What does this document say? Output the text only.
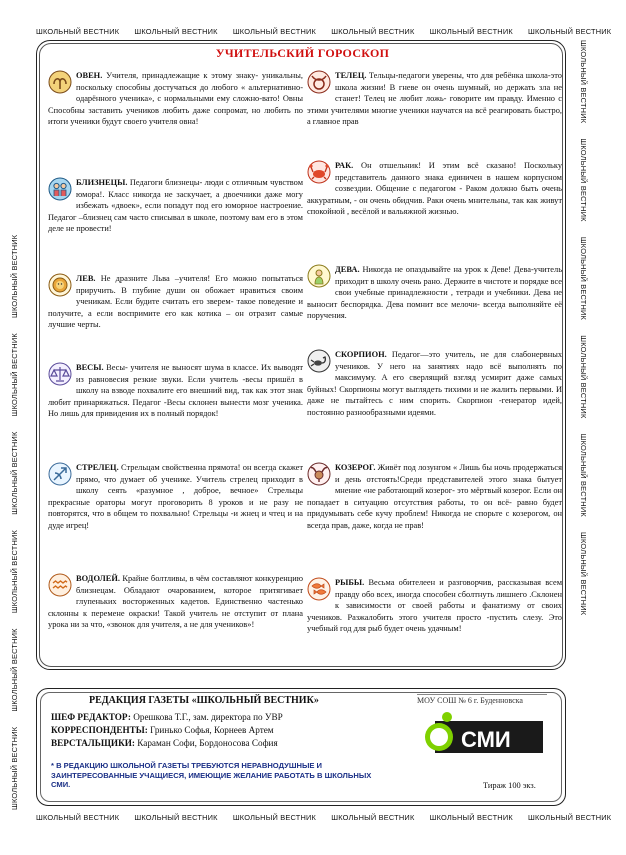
ШКОЛЬНЫЙ ВЕСТНИК  ШКОЛЬНЫЙ ВЕСТНИК  ШКОЛЬНЫЙ ВЕСТНИК  ШКОЛЬНЫЙ ВЕСТНИК  ШКОЛЬНЫЙ ВЕСТНИК  ШКОЛЬНЫЙ ВЕСТНИК  
ШКОЛЬНЫЙ ВЕСТНИК  ШКОЛЬНЫЙ ВЕСТНИК  ШКОЛЬНЫЙ ВЕСТНИК  ШКОЛЬНЫЙ ВЕСТНИК  ШКОЛЬНЫЙ ВЕСТНИК  ШКОЛЬНЫЙ ВЕСТНИК  
ШКОЛЬНЫЙ ВЕСТНИК  ШКОЛЬНЫЙ ВЕСТНИК  ШКОЛЬНЫЙ ВЕСТНИК  ШКОЛЬНЫЙ ВЕСТНИК  ШКОЛЬНЫЙ ВЕСТНИК  ШКОЛЬНЫЙ ВЕСТНИК  	ШКОЛЬНЫЙ ВЕСТНИК  ШКОЛЬНЫЙ ВЕСТНИК  ШКОЛЬНЫЙ ВЕСТНИК  ШКОЛЬНЫЙ ВЕСТНИК  ШКОЛЬНЫЙ ВЕСТНИК  ШКОЛЬНЫЙ ВЕСТНИК  
УЧИТЕЛЬСКИЙ ГОРОСКОП
ОВЕН. Учителя, принадлежащие к этому знаку- уникальны, поскольку способны достучаться до любого « альтернативно-одарённого ученика», с нормальными ему сложно-вато! Овны Способны заставить учеников любить даже сопромат, но любить по итоги ученики будут своего учителя овна!
БЛИЗНЕЦЫ. Педагоги близнецы- люди с отличным чувством юмора!. Класс никогда не заскучает, а двоечники даже могу избежать «двоек», если попадут под его юморное настроение. Педагог –близнец сам часто списывал в школе, поэтому вам его в этом деле не провести!
ЛЕВ. Не дразните Льва –учителя! Его можно попытаться приручить. В глубине души он обожает нравиться своим ученикам. Если будите считать его зверем- такое поведение и получите, а если воспримите его как котика – он отразит самые лучшие черты.
ВЕСЫ. Весы- учителя не выносят шума в классе. Их выводят из равновесия резкие звуки. Если учитель -весы пришёл в школу на взводе похвалите его внешний вид, так как этот знак любит принаряжаться. Педагог -Весы склонен вынести мозг ученика. Но лишь для привидения их в полный порядок!
СТРЕЛЕЦ. Стрельцам свойственна прямота! он всегда скажет прямо, что думает об ученике. Учитель стрелец приходит в школу сеять «разумное , доброе, вечное» Стрельцы прекрасные ораторы могут проговорить 8 уроков и не разу не повторятся, что в общем то похвально! Стрельцы -и жнец и чтец и на дуде игрец!
ВОДОЛЕЙ. Крайне болтливы, в чём составляют конкуренцию близнецам. Обладают очарованием, которое притягивает глупеньких восторженных кадетов. Единственно частенько склонны к перемене окраски! Такой учитель не отступит от плана урока ни за что, «звонок для учителя, а не для учеников»!
ТЕЛЕЦ. Тельцы-педагоги уверены, что для ребёнка школа-это школа жизни! В гневе он очень шумный, но держать зла не станет! Телец не любит ложь- говорите им правду. Именно с этими учителями многие ученики научатся на всё реагировать быстро, а главное прав
РАК. Он отшельник! И этим всё сказано! Поскольку представитель данного знака единичен в нашем корпусном созвездии. Общение с педагогом - Раком должно быть очень аккуратным, - он очень обидчив. Раки очень мнительны, так как живут спокойной , весёлой и вальяжной жизнью.
ДЕВА. Никогда не опаздывайте на урок к Деве! Дева-учитель приходит в школу очень рано. Держите в чистоте и порядке все свои учебные принадлежности , тетради и учебники. Дева не выносит беспорядка. Дева помнит все мелочи- всегда выполняйте её поручения.
СКОРПИОН. Педагог—это учитель, не для слабонервных учеников. У него на занятиях надо всё выполнять по максимуму. А его сверлящий взгляд усмирит даже самых буйных! Скорпионы могут выглядеть тихими и не жалить первыми. И даже не пытайтесь с ним спорить. Скорпион -генератор идей, постоянно разнообразными идеями.
КОЗЕРОГ. Живёт под лозунгом « Лишь бы ночь продержаться и день отстоять!Среди представителей этого знака бытует мнение «не работающий козерог- это мёртвый козерог. Если он попадает в ситуацию отсутствия работы, то он всё- равно будет придумывать себе кучу проблем! Никогда не спорьте с козерогом, он всегда прав, даже, когда не прав!
РЫБЫ. Весьма обителеен и разговорчив, рассказывая всем правду обо всех, иногда способен сболтнуть лишнего .Склонен к зависимости от своей работы и фанатизму от своих учеников. Разжалобить этого учителя просто -пустить слезу. Это учебный год для рыб будет очень удачным!
РЕДАКЦИЯ ГАЗЕТЫ «ШКОЛЬНЫЙ ВЕСТНИК»
ШЕФ РЕДАКТОР: Орешкова Т.Г., зам. директора по УВР
КОРРЕСПОНДЕНТЫ: Гринько Софья, Корнеев Артем
ВЕРСТАЛЬЩИКИ: Караман Софи, Бордоносова София
* В РЕДАКЦИЮ ШКОЛЬНОЙ ГАЗЕТЫ ТРЕБУЮТСЯ НЕРАВНОДУШНЫЕ И ЗАИНТЕРЕСОВАННЫЕ УЧАЩИЕСЯ, ИМЕЮЩИЕ ЖЕЛАНИЕ РАБОТАТЬ В ШКОЛЬНЫХ СМИ.
МОУ СОШ № 6 г. Буденновска
СМИ
Тираж 100 экз.
